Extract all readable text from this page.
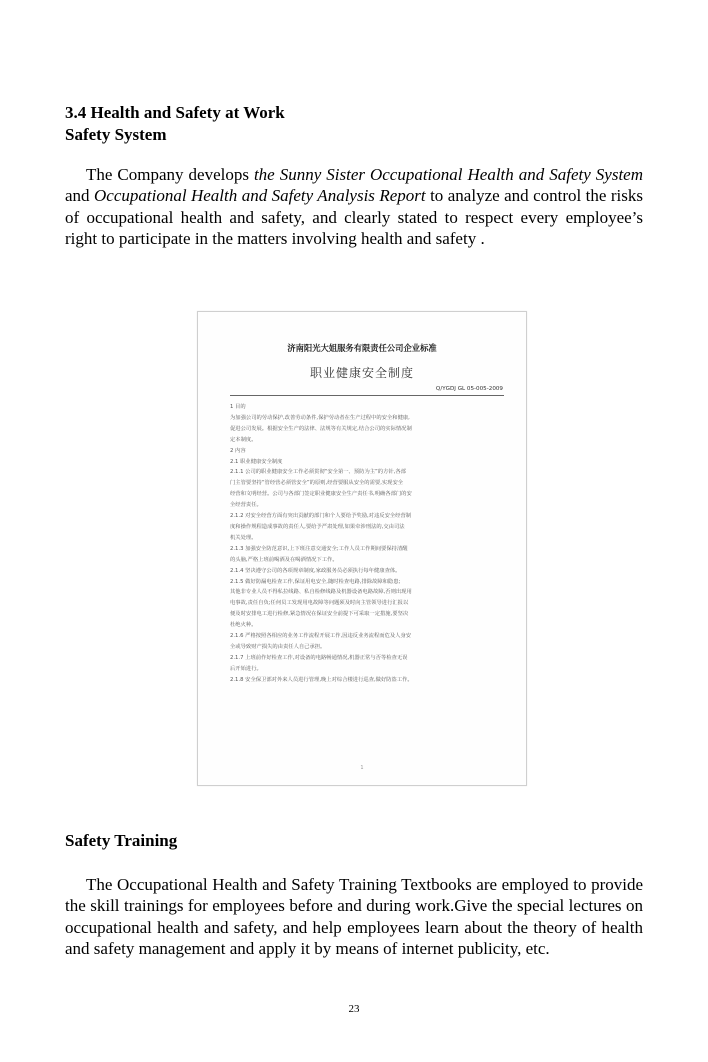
3.4 Health and Safety at Work
Safety System

The Company develops the Sunny Sister Occupational Health and Safety System and Occupational Health and Safety Analysis Report to analyze and control the risks of occupational health and safety, and clearly stated to respect every employee’s right to participate in the matters involving health and safety .

济南阳光大姐服务有限责任公司企业标准
职业健康安全制度
Q/YGDJ GL 05-005-2009
1 目的
为加强公司的劳动保护,改善劳动条件,保护劳动者在生产过程中的安全和健康,
促进公司发展。根据安全生产的法律、法规等有关规定,结合公司的实际情况制
定本制度。
2 内容
2.1 职业健康安全制度
2.1.1 公司的职业健康安全工作必须贯彻“安全第一、预防为主”的方针,各部
门主管要坚持“管经营必须管安全”的原则,经营要服从安全的需要,实现安全
经营和文明经营。公司与各部门签定职业健康安全生产责任书,明确各部门的安
全经营责任。
2.1.2 对安全经营方面有突出贡献的部门和个人要给予奖励,对违反安全经营制
度和操作规程造成事故的责任人,要给予严肃处理,如果牵涉刑法的,交由司法
机关处理。
2.1.3 加强安全防范意识,上下班注意交通安全;工作人员工作期间要保持清醒
的头脑,严格上班前喝酒及在喝酒情况下工作。
2.1.4 坚决遵守公司的各项规章制度,家政服务员必须执行每年健康查体。
2.1.5 做好防漏电检查工作,保证用电安全,随时检查电路,排除故障和隐患;
其他非专业人员不得私拉线路、私自检修线路及机器设备电路故障,否则出现用
电事故,责任自负;任何员工发现用电故障等问题须及时向主管领导进行汇报以
便及时安排电工进行检修,紧急情况在保证安全前提下可采取一定措施,要坚决
杜绝火种。
2.1.6 严格按照各相应的业务工作流程开展工作,因违反业务流程而危及人身安
全或导致财产损失的由责任人自己承担。
2.1.7 上班前作好检查工作,对设备的电路畅通情况,机器正常与否等检查无误
后开始进行。
2.1.8 安全保卫部对外来人员进行管理,晚上对综合楼进行巡查,做好防盗工作。
1
Safety Training

The Occupational Health and Safety Training Textbooks are employed to provide the skill trainings for employees before and during work.Give the special lectures on occupational health and safety, and help employees learn about the theory of health and safety management and apply it by means of internet publicity, etc.

23
